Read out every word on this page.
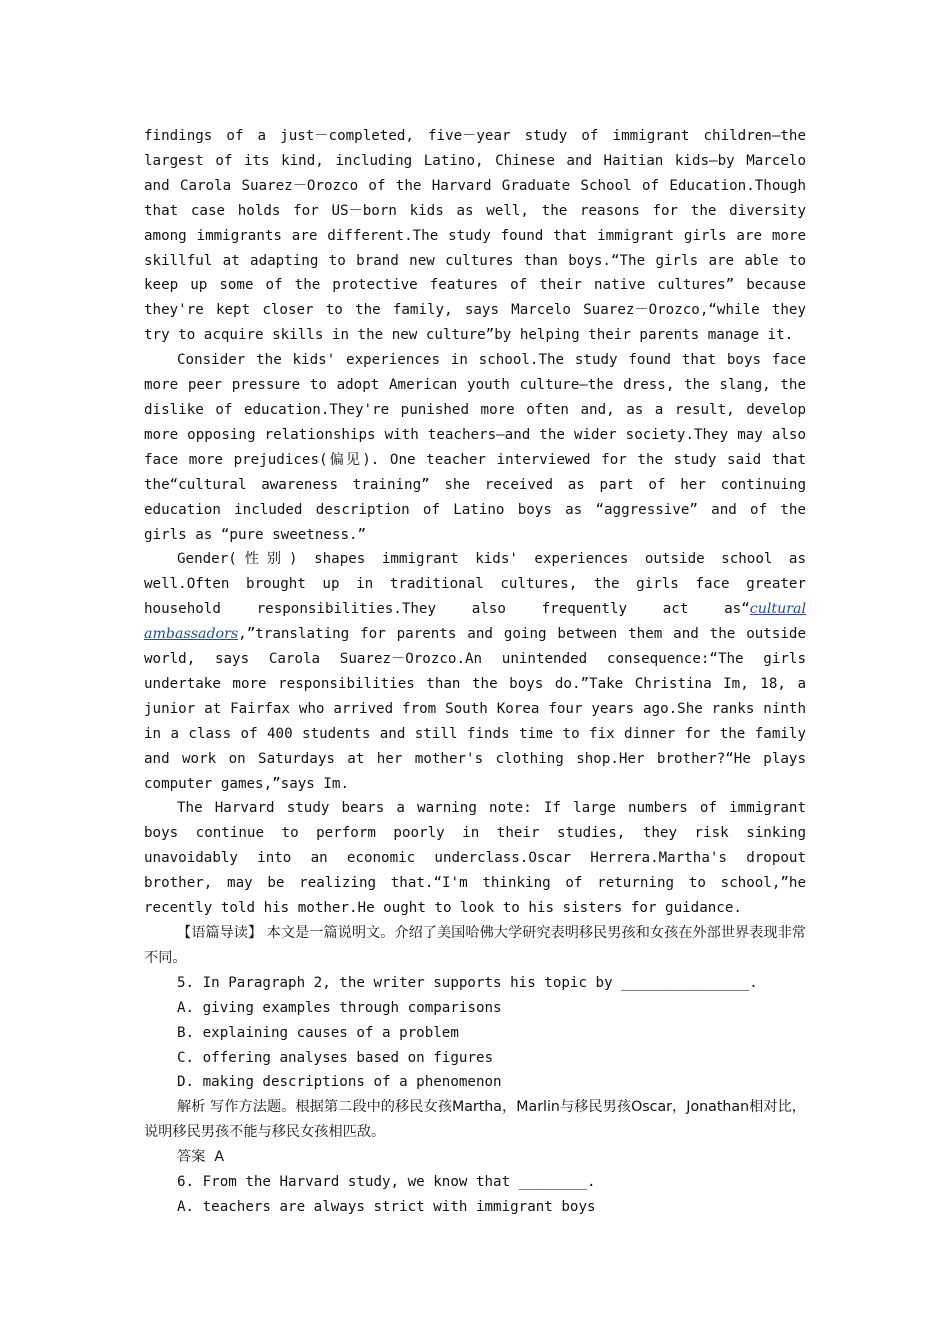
findings of a just－completed, five－year study of immigrant children—the largest of its kind, including Latino, Chinese and Haitian kids—by Marcelo and Carola Suarez－Orozco of the Harvard Graduate School of Education.Though that case holds for US－born kids as well, the reasons for the diversity among immigrants are different.The study found that immigrant girls are more skillful at adapting to brand new cultures than boys.“The girls are able to keep up some of the protective features of their native cultures” because they're kept closer to the family, says Marcelo Suarez－Orozco,“while they try to acquire skills in the new culture”by helping their parents manage it.

Consider the kids' experiences in school.The study found that boys face more peer pressure to adopt American youth culture—the dress, the slang, the dislike of education.They're punished more often and, as a result, develop more opposing relationships with teachers—and the wider society.They may also face more prejudices(偏见). One teacher interviewed for the study said that the“cultural awareness training” she received as part of her continuing education included description of Latino boys as “aggressive” and of the girls as “pure sweetness.”

Gender(性别) shapes immigrant kids' experiences outside school as well.Often brought up in traditional cultures, the girls face greater household responsibilities.They also frequently act as“cultural ambassadors,”translating for parents and going between them and the outside world, says Carola Suarez－Orozco.An unintended consequence:“The girls undertake more responsibilities than the boys do.”Take Christina Im, 18, a junior at Fairfax who arrived from South Korea four years ago.She ranks ninth in a class of 400 students and still finds time to fix dinner for the family and work on Saturdays at her mother's clothing shop.Her brother?“He plays computer games,”says Im.

The Harvard study bears a warning note: If large numbers of immigrant boys continue to perform poorly in their studies, they risk sinking unavoidably into an economic underclass.Oscar Herrera.Martha's dropout brother, may be realizing that.“I'm thinking of returning to school,”he recently told his mother.He ought to look to his sisters for guidance.

【语篇导读】 本文是一篇说明文。介绍了美国哈佛大学研究表明移民男孩和女孩在外部世界表现非常不同。

5. In Paragraph 2, the writer supports his topic by _______________.

A. giving examples through comparisons

B. explaining causes of a problem

C. offering analyses based on figures

D. making descriptions of a phenomenon

解析 写作方法题。根据第二段中的移民女孩Martha，Marlin与移民男孩Oscar，Jonathan相对比，说明移民男孩不能与移民女孩相匹敌。

答案  A

6. From the Harvard study, we know that ________.

A. teachers are always strict with immigrant boys
